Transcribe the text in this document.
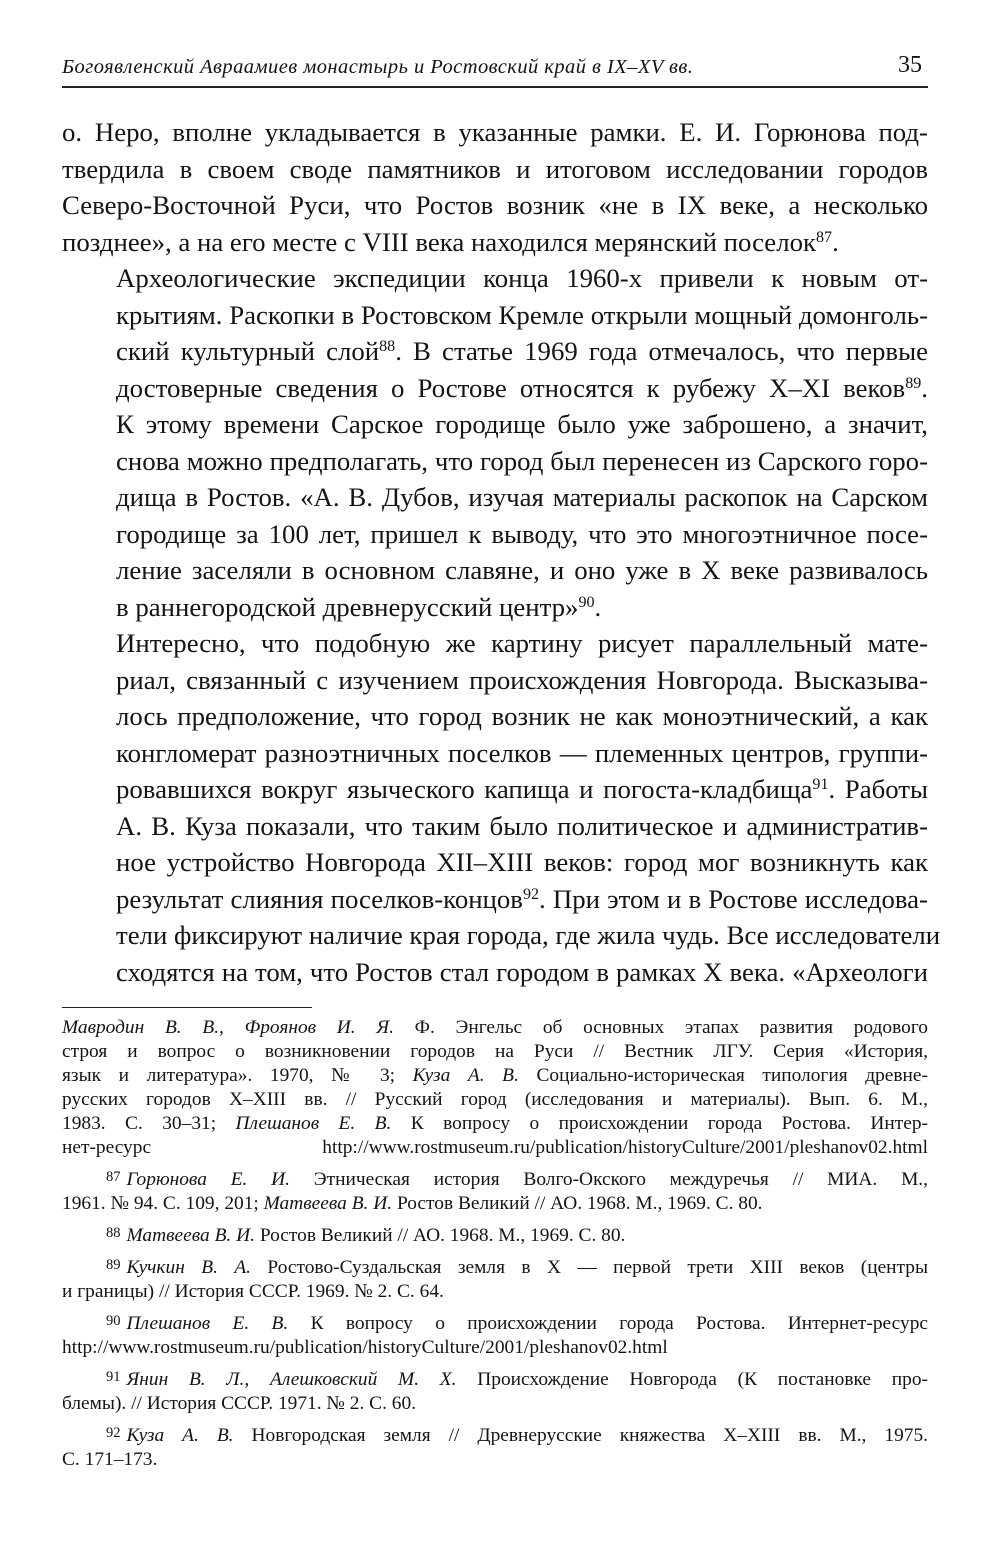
Богоявленский Авраамиев монастырь и Ростовский край в IX–XV вв.	35

о. Неро, вполне укладывается в указанные рамки. Е. И. Горюнова под-
твердила в своем своде памятников и итоговом исследовании городов
Северо-Восточной Руси, что Ростов возник «не в IX веке, а несколько
позднее», а на его месте с VIII века находился мерянский поселок$^{87}$.

Археологические экспедиции конца 1960-х привели к новым от-
крытиям. Раскопки в Ростовском Кремле открыли мощный домонголь-
ский культурный слой$^{88}$. В статье 1969 года отмечалось, что первые
достоверные сведения о Ростове относятся к рубежу X–XI веков$^{89}$.
К этому времени Сарское городище было уже заброшено, а значит,
снова можно предполагать, что город был перенесен из Сарского горо-
дища в Ростов. «А. В. Дубов, изучая материалы раскопок на Сарском
городище за 100 лет, пришел к выводу, что это многоэтничное посе-
ление заселяли в основном славяне, и оно уже в X веке развивалось
в раннегородской древнерусский центр»$^{90}$.

Интересно, что подобную же картину рисует параллельный мате-
риал, связанный с изучением происхождения Новгорода. Высказыва-
лось предположение, что город возник не как моноэтнический, а как
конгломерат разноэтничных поселков — племенных центров, группи-
ровавшихся вокруг языческого капища и погоста-кладбища$^{91}$. Работы
А. В. Куза показали, что таким было политическое и административ-
ное устройство Новгорода XII–XIII веков: город мог возникнуть как
результат слияния поселков-концов$^{92}$. При этом и в Ростове исследова-
тели фиксируют наличие края города, где жила чудь. Все исследователи
сходятся на том, что Ростов стал городом в рамках X века. «Археологи

Мавродин В. В., Фроянов И. Я. Ф. Энгельс об основных этапах развития родового
строя и вопрос о возникновении городов на Руси // Вестник ЛГУ. Серия «История,
язык и литература». 1970, № 3; Куза А. В. Социально-историческая типология древне-
русских городов X–XIII вв. // Русский город (исследования и материалы). Вып. 6. М.,
1983. С. 30–31; Плешанов Е. В. К вопросу о происхождении города Ростова. Интер-
нет-ресурс http://www.rostmuseum.ru/publication/historyCulture/2001/pleshanov02.html
87 Горюнова Е. И. Этническая история Волго-Окского междуречья // МИА. М.,
1961. № 94. С. 109, 201; Матвеева В. И. Ростов Великий // АО. 1968. М., 1969. С. 80.
88 Матвеева В. И. Ростов Великий // АО. 1968. М., 1969. С. 80.
89 Кучкин В. А. Ростово-Суздальская земля в X — первой трети XIII веков (центры
и границы) // История СССР. 1969. № 2. С. 64.
90 Плешанов Е. В. К вопросу о происхождении города Ростова. Интернет-ресурс
http://www.rostmuseum.ru/publication/historyCulture/2001/pleshanov02.html
91 Янин В. Л., Алешковский М. Х. Происхождение Новгорода (К постановке про-
блемы). // История СССР. 1971. № 2. С. 60.
92 Куза А. В. Новгородская земля // Древнерусские княжества X–XIII вв. М., 1975.
С. 171–173.
